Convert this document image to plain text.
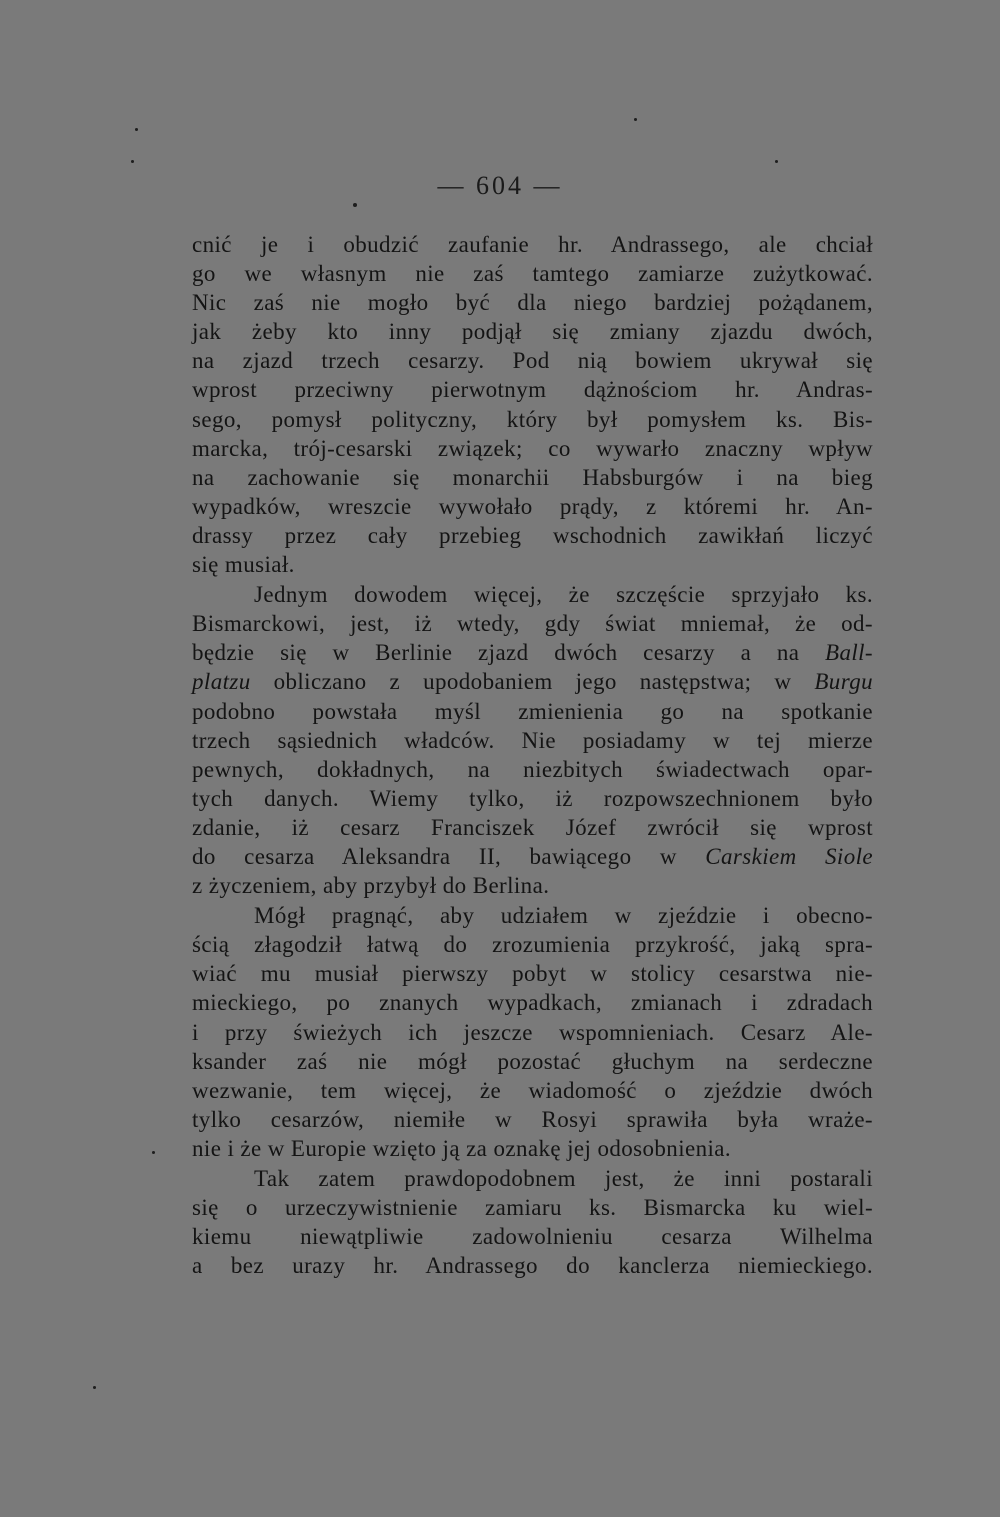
— 604 —
cnić je i obudzić zaufanie hr. Andrassego, ale chciał
go we własnym nie zaś tamtego zamiarze zużytkować.
Nic zaś nie mogło być dla niego bardziej pożądanem,
jak żeby kto inny podjął się zmiany zjazdu dwóch,
na zjazd trzech cesarzy. Pod nią bowiem ukrywał się
wprost przeciwny pierwotnym dążnościom hr. Andras-
sego, pomysł polityczny, który był pomysłem ks. Bis-
marcka, trój-cesarski związek; co wywarło znaczny wpływ
na zachowanie się monarchii Habsburgów i na bieg
wypadków, wreszcie wywołało prądy, z któremi hr. An-
drassy przez cały przebieg wschodnich zawikłań liczyć
się musiał.
Jednym dowodem więcej, że szczęście sprzyjało ks.
Bismarckowi, jest, iż wtedy, gdy świat mniemał, że od-
będzie się w Berlinie zjazd dwóch cesarzy a na Ball-
platzu obliczano z upodobaniem jego następstwa; w Burgu
podobno powstała myśl zmienienia go na spotkanie
trzech sąsiednich władców. Nie posiadamy w tej mierze
pewnych, dokładnych, na niezbitych świadectwach opar-
tych danych. Wiemy tylko, iż rozpowszechnionem było
zdanie, iż cesarz Franciszek Józef zwrócił się wprost
do cesarza Aleksandra II, bawiącego w Carskiem Siole
z życzeniem, aby przybył do Berlina.
Mógł pragnąć, aby udziałem w zjeździe i obecno-
ścią złagodził łatwą do zrozumienia przykrość, jaką spra-
wiać mu musiał pierwszy pobyt w stolicy cesarstwa nie-
mieckiego, po znanych wypadkach, zmianach i zdradach
i przy świeżych ich jeszcze wspomnieniach. Cesarz Ale-
ksander zaś nie mógł pozostać głuchym na serdeczne
wezwanie, tem więcej, że wiadomość o zjeździe dwóch
tylko cesarzów, niemiłe w Rosyi sprawiła była wraże-
nie i że w Europie wzięto ją za oznakę jej odosobnienia.
Tak zatem prawdopodobnem jest, że inni postarali
się o urzeczywistnienie zamiaru ks. Bismarcka ku wiel-
kiemu niewątpliwie zadowolnieniu cesarza Wilhelma
a bez urazy hr. Andrassego do kanclerza niemieckiego.
